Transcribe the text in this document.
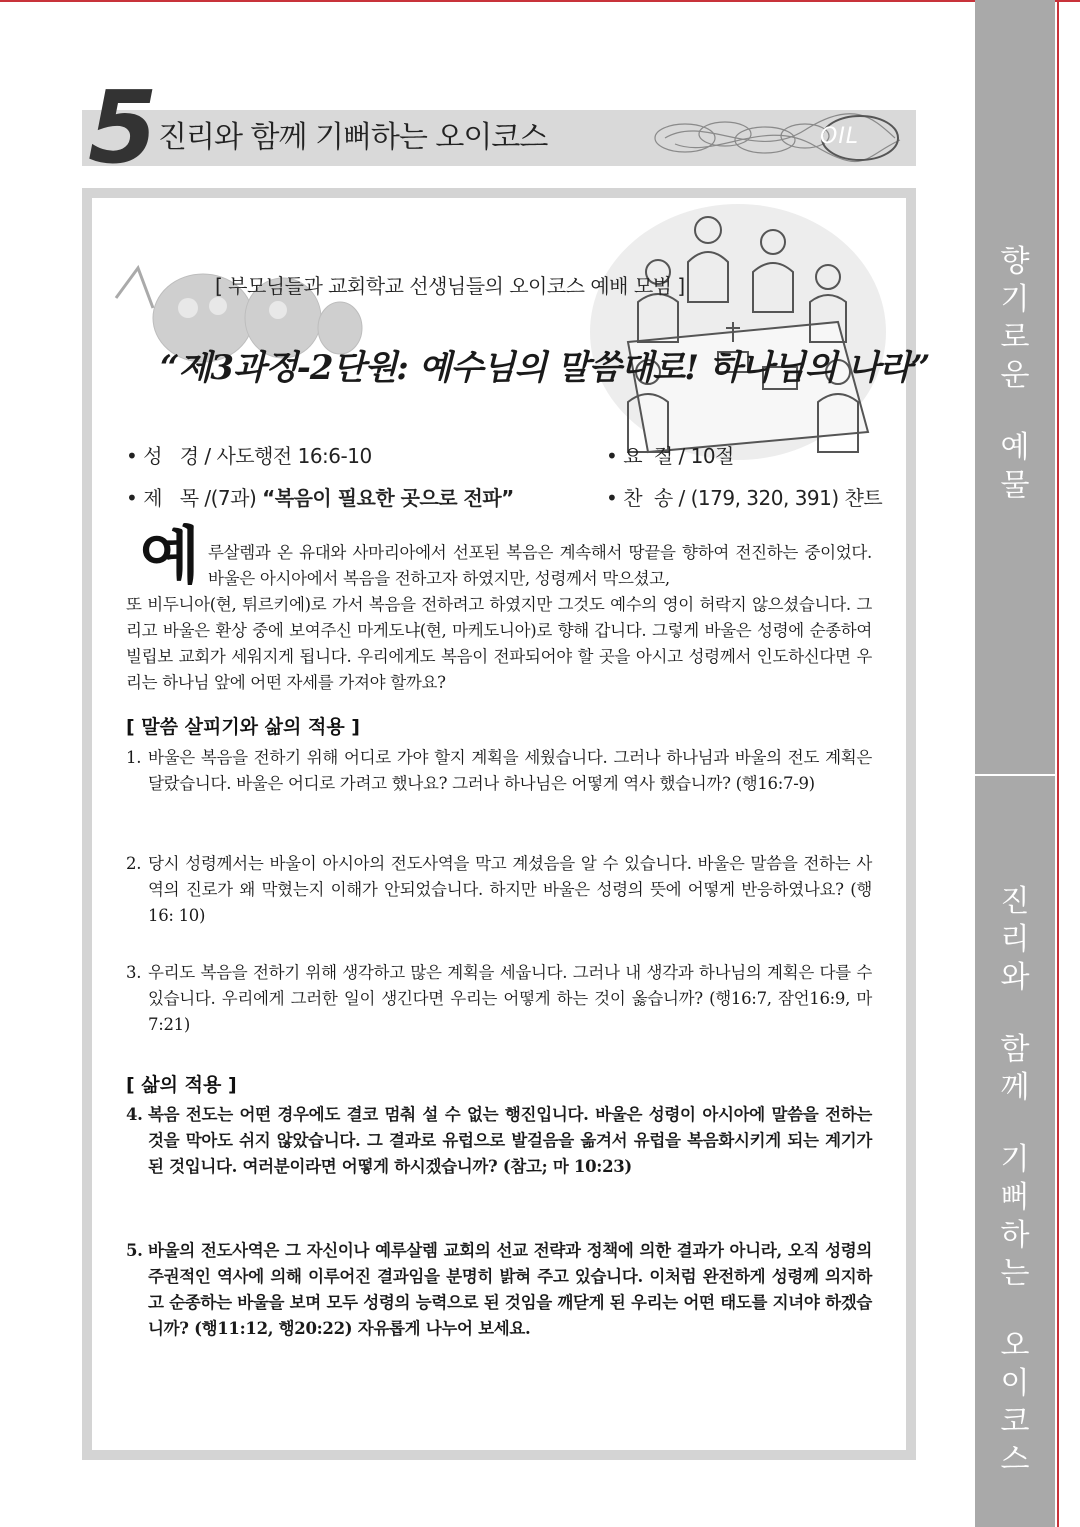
향
기
로
운
예
물
진
리
와
함
께
기
뻐
하
는
오
이
코
스
OIL
5 진리와 함께 기뻐하는 오이코스
[ 부모님들과 교회학교 선생님들의 오이코스 예배 모범 ]
“제3과정-2단원: 예수님의 말씀대로! 하나님의 나라”
• 성   경 / 사도행전 16:6-10	• 요  절 / 10절
• 제   목 /(7과) “복음이 필요한 곳으로 전파”	• 찬  송 / (179, 320, 391) 챤트
예 루살렘과 온 유대와 사마리아에서 선포된 복음은 계속해서 땅끝을 향하여 전진하는 중이었다. 바울은 아시아에서 복음을 전하고자 하였지만, 성령께서 막으셨고,
또 비두니아(현, 튀르키에)로 가서 복음을 전하려고 하였지만 그것도 예수의 영이 허락지 않으셨습니다. 그리고 바울은 환상 중에 보여주신 마게도냐(현, 마케도니아)로 향해 갑니다. 그렇게 바울은 성령에 순종하여 빌립보 교회가 세워지게 됩니다. 우리에게도 복음이 전파되어야 할 곳을 아시고 성령께서 인도하신다면 우리는 하나님 앞에 어떤 자세를 가져야 할까요?
[ 말씀 살피기와 삶의 적용 ]
1. 바울은 복음을 전하기 위해 어디로 가야 할지 계획을 세웠습니다. 그러나 하나님과 바울의 전도 계획은 달랐습니다. 바울은 어디로 가려고 했나요? 그러나 하나님은 어떻게 역사 했습니까? (행16:7-9)
2. 당시 성령께서는 바울이 아시아의 전도사역을 막고 계셨음을 알 수 있습니다. 바울은 말씀을 전하는 사역의 진로가 왜 막혔는지 이해가 안되었습니다. 하지만 바울은 성령의 뜻에 어떻게 반응하였나요? (행16: 10)
3. 우리도 복음을 전하기 위해 생각하고 많은 계획을 세웁니다. 그러나 내 생각과 하나님의 계획은 다를 수 있습니다. 우리에게 그러한 일이 생긴다면 우리는 어떻게 하는 것이 옳습니까? (행16:7, 잠언16:9, 마7:21)
[ 삶의 적용 ]
4. 복음 전도는 어떤 경우에도 결코 멈춰 설 수 없는 행진입니다. 바울은 성령이 아시아에 말씀을 전하는 것을 막아도 쉬지 않았습니다. 그 결과로 유럽으로 발걸음을 옮겨서 유럽을 복음화시키게 되는 계기가 된 것입니다. 여러분이라면 어떻게 하시겠습니까? (참고; 마 10:23)
5. 바울의 전도사역은 그 자신이나 예루살렘 교회의 선교 전략과 정책에 의한 결과가 아니라, 오직 성령의 주권적인 역사에 의해 이루어진 결과임을 분명히 밝혀 주고 있습니다. 이처럼 완전하게 성령께 의지하고 순종하는 바울을 보며 모두 성령의 능력으로 된 것임을 깨닫게 된 우리는 어떤 태도를 지녀야 하겠습니까? (행11:12, 행20:22) 자유롭게 나누어 보세요.
